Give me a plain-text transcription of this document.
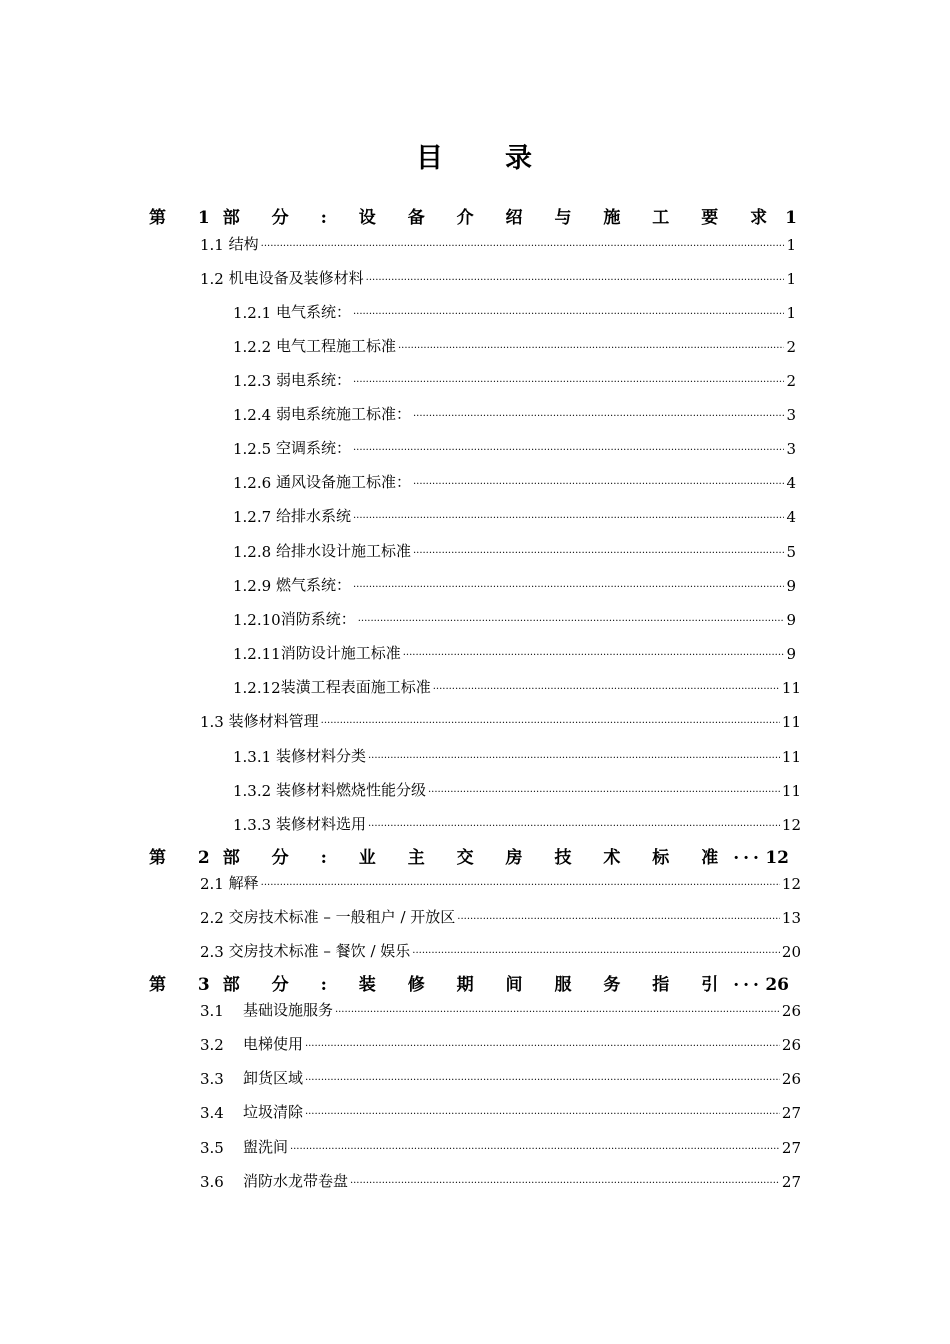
目 录
第 1部 分 : 设 备 介 绍 与 施 工 要 求 ..... 1
1.1 结构 .....	1
1.2 机电设备及装修材料 .....	1
1.2.1 电气系统： .....	1
1.2.2 电气工程施工标准 .....	2
1.2.3 弱电系统： .....	2
1.2.4 弱电系统施工标准： .....	3
1.2.5 空调系统： .....	3
1.2.6 通风设备施工标准： .....	4
1.2.7 给排水系统 .....	4
1.2.8 给排水设计施工标准 .....	5
1.2.9 燃气系统： .....	9
1.2.10 消防系统： .....	9
1.2.11 消防设计施工标准 .....	9
1.2.12 装潢工程表面施工标准 .....	11
1.3 装修材料管理 .....	11
1.3.1 装修材料分类 .....	11
1.3.2 装修材料燃烧性能分级 .....	11
1.3.3 装修材料选用 .....	12
第 2部 分 : 业 主 交 房 技 术 标 准 ..... 12
2.1 解释 .....	12
2.2 交房技术标准 – 一般租户 / 开放区 .....	13
2.3 交房技术标准 – 餐饮 / 娱乐 .....	20
第 3部 分 : 装 修 期 间 服 务 指 引 ..... 26
3.1	基础设施服务 .....	26
3.2	电梯使用 .....	26
3.3	卸货区域 .....	26
3.4	垃圾清除 .....	27
3.5	盥洗间 .....	27
3.6	消防水龙带卷盘 .....	27
